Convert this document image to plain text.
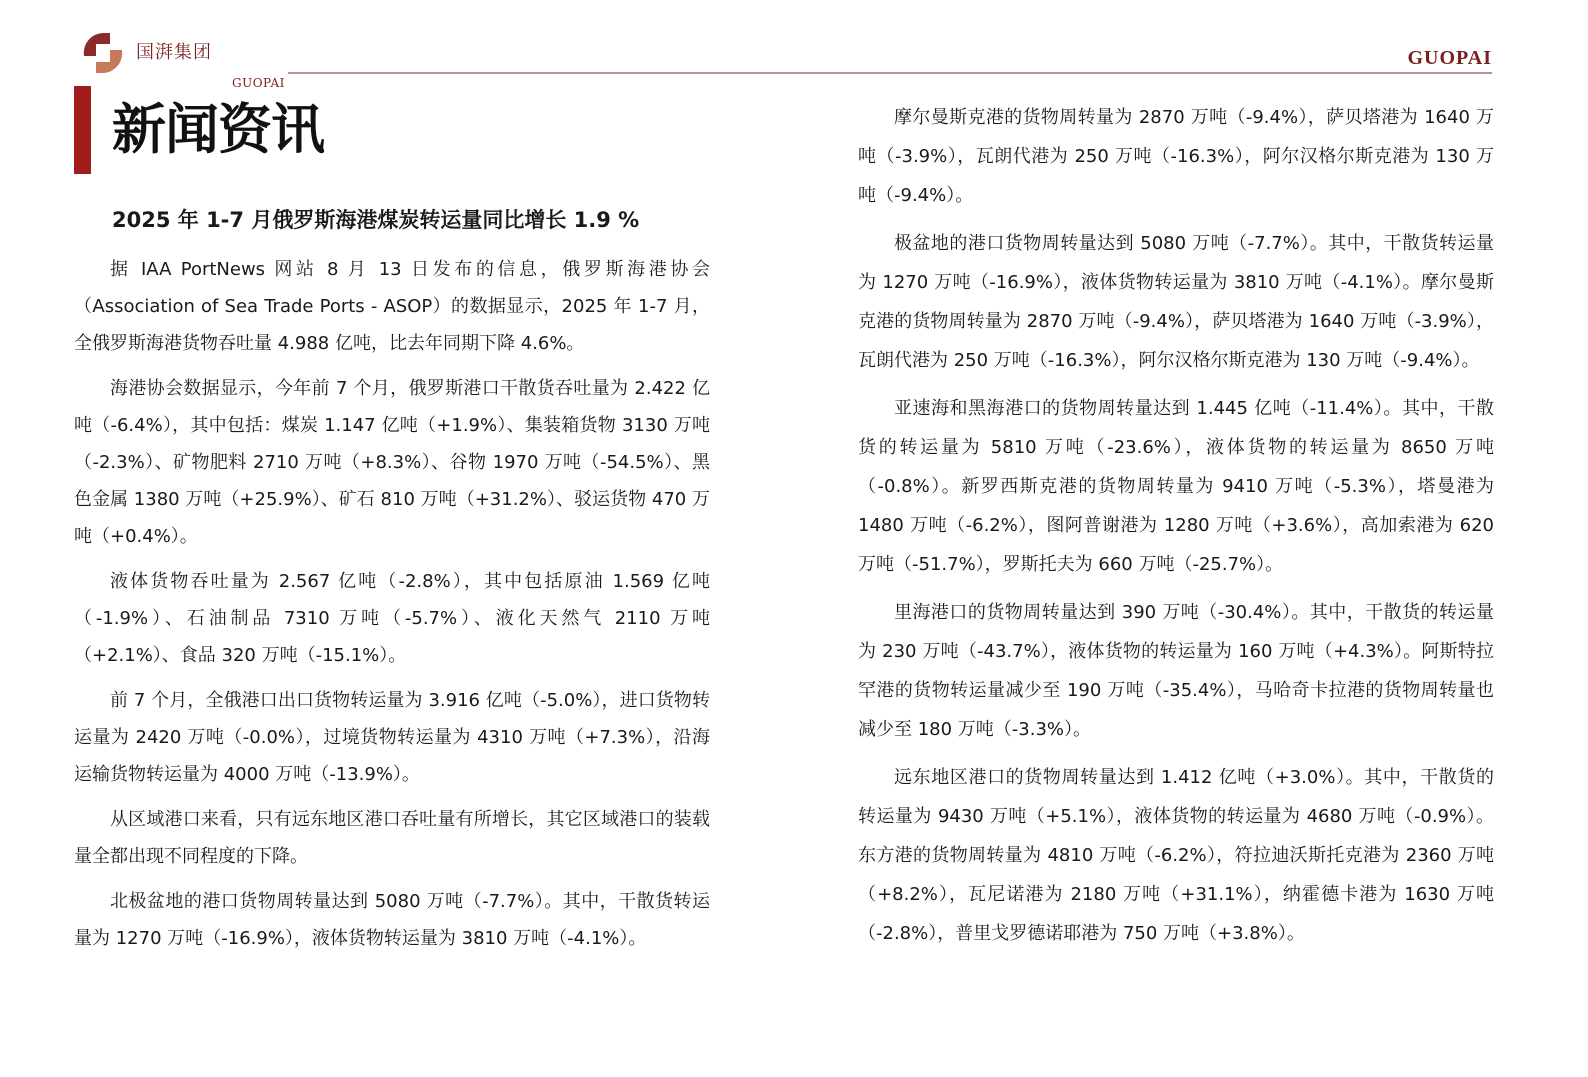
国湃集团
GUOPAI
GUOPAI
新闻资讯
2025 年 1-7 月俄罗斯海港煤炭转运量同比增长 1.9 %

据 IAA PortNews 网站 8 月 13 日发布的信息，俄罗斯海港协会（Association of Sea Trade Ports - ASOP）的数据显示，2025 年 1-7 月，全俄罗斯海港货物吞吐量 4.988 亿吨，比去年同期下降 4.6%。

海港协会数据显示，今年前 7 个月，俄罗斯港口干散货吞吐量为 2.422 亿吨（-6.4%），其中包括：煤炭 1.147 亿吨（+1.9%）、集装箱货物 3130 万吨（-2.3%）、矿物肥料 2710 万吨（+8.3%）、谷物 1970 万吨（-54.5%）、黑色金属 1380 万吨（+25.9%）、矿石 810 万吨（+31.2%）、驳运货物 470 万吨（+0.4%）。

液体货物吞吐量为 2.567 亿吨（-2.8%），其中包括原油 1.569 亿吨（-1.9%）、石油制品 7310 万吨（-5.7%）、液化天然气 2110 万吨（+2.1%）、食品 320 万吨（-15.1%）。

前 7 个月，全俄港口出口货物转运量为 3.916 亿吨（-5.0%），进口货物转运量为 2420 万吨（-0.0%），过境货物转运量为 4310 万吨（+7.3%），沿海运输货物转运量为 4000 万吨（-13.9%）。

从区域港口来看，只有远东地区港口吞吐量有所增长，其它区域港口的装载量全都出现不同程度的下降。

北极盆地的港口货物周转量达到 5080 万吨（-7.7%）。其中，干散货转运量为 1270 万吨（-16.9%），液体货物转运量为 3810 万吨（-4.1%）。

摩尔曼斯克港的货物周转量为 2870 万吨（-9.4%），萨贝塔港为 1640 万吨（-3.9%），瓦朗代港为 250 万吨（-16.3%），阿尔汉格尔斯克港为 130 万吨（-9.4%）。

极盆地的港口货物周转量达到 5080 万吨（-7.7%）。其中，干散货转运量为 1270 万吨（-16.9%），液体货物转运量为 3810 万吨（-4.1%）。摩尔曼斯克港的货物周转量为 2870 万吨（-9.4%），萨贝塔港为 1640 万吨（-3.9%），瓦朗代港为 250 万吨（-16.3%），阿尔汉格尔斯克港为 130 万吨（-9.4%）。

亚速海和黑海港口的货物周转量达到 1.445 亿吨（-11.4%）。其中，干散货的转运量为 5810 万吨（-23.6%），液体货物的转运量为 8650 万吨（-0.8%）。新罗西斯克港的货物周转量为 9410 万吨（-5.3%），塔曼港为 1480 万吨（-6.2%），图阿普谢港为 1280 万吨（+3.6%），高加索港为 620 万吨（-51.7%），罗斯托夫为 660 万吨（-25.7%）。

里海港口的货物周转量达到 390 万吨（-30.4%）。其中，干散货的转运量为 230 万吨（-43.7%），液体货物的转运量为 160 万吨（+4.3%）。阿斯特拉罕港的货物转运量减少至 190 万吨（-35.4%），马哈奇卡拉港的货物周转量也减少至 180 万吨（-3.3%）。

远东地区港口的货物周转量达到 1.412 亿吨（+3.0%）。其中，干散货的转运量为 9430 万吨（+5.1%），液体货物的转运量为 4680 万吨（-0.9%）。东方港的货物周转量为 4810 万吨（-6.2%），符拉迪沃斯托克港为 2360 万吨（+8.2%），瓦尼诺港为 2180 万吨（+31.1%），纳霍德卡港为 1630 万吨（-2.8%），普里戈罗德诺耶港为 750 万吨（+3.8%）。
